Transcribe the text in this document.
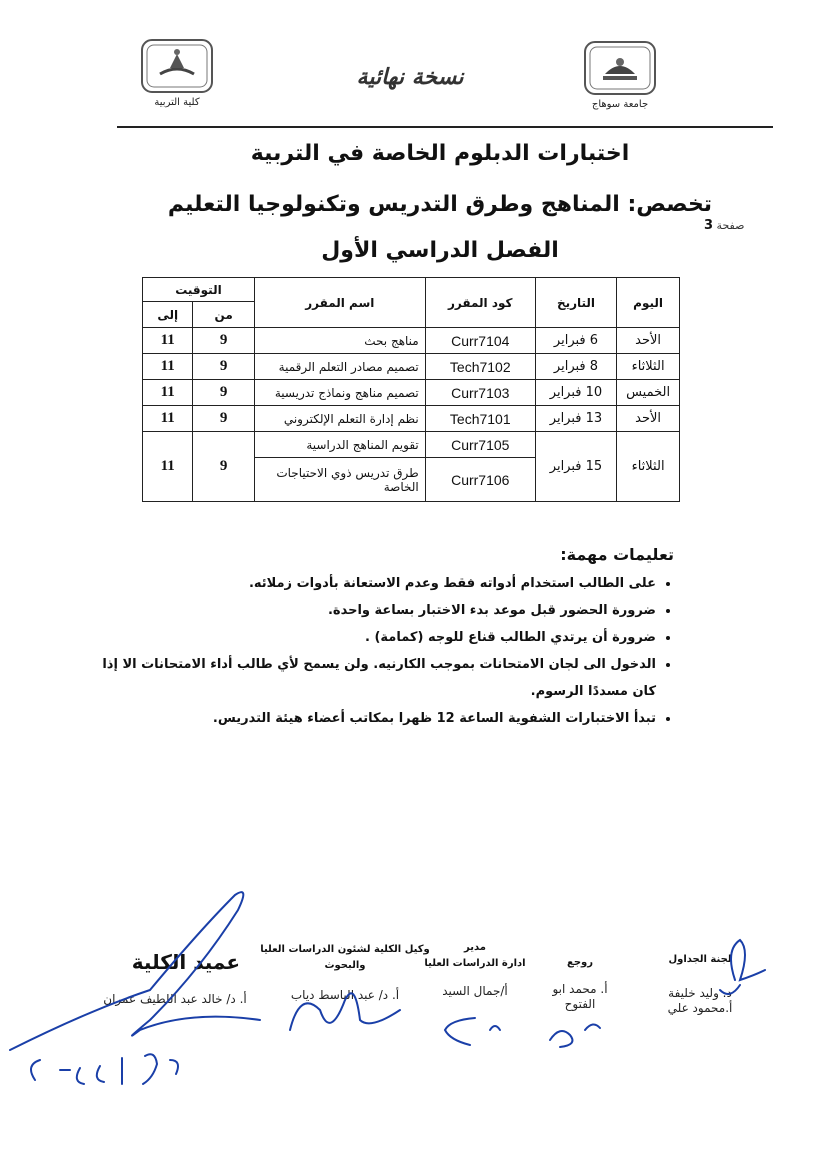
جامعة سوهاج
كلية التربية
نسخة نهائية
اختبارات الدبلوم الخاصة في التربية
تخصص: المناهج وطرق التدريس وتكنولوجيا التعليم
الفصل الدراسي الأول
صفحة 3
اليوم	التاريخ	كود المقرر	اسم المقرر	التوقيت	
				من	إلى
الأحد	6 فبراير	Curr7104	مناهج بحث	9	11
الثلاثاء	8 فبراير	Tech7102	تصميم مصادر التعلم الرقمية	9	11
الخميس	10 فبراير	Curr7103	تصميم مناهج ونماذج تدريسية	9	11
الأحد	13 فبراير	Tech7101	نظم إدارة التعلم الإلكتروني	9	11
الثلاثاء	15 فبراير	Curr7105	تقويم المناهج الدراسية	9	11
		Curr7106	طرق تدريس ذوي الاحتياجات الخاصة		
تعليمات مهمة:
• على الطالب استخدام أدواته فقط وعدم الاستعانة بأدوات زملائه.
• ضرورة الحضور قبل موعد بدء الاختبار بساعة واحدة.
• ضرورة أن يرتدي الطالب قناع للوجه (كمامة) .
• الدخول الى لجان الامتحانات بموجب الكارنيه. ولن يسمح لأي طالب أداء الامتحانات الا إذا كان مسددًا الرسوم.
• تبدأ الاختبارات الشفوية الساعة 12 ظهرا بمكاتب أعضاء هيئة التدريس.
لجنة الجداول
د. وليد خليفة
أ.محمود علي
روجع
أ. محمد ابو
الفتوح
مدير
ادارة الدراسات العليا
أ/جمال السيد
وكيل الكلية لشئون الدراسات العليا
والبحوث
أ. د/ عبد الباسط دياب
عميد الكلية
أ. د/ خالد عبد اللطيف عمران
